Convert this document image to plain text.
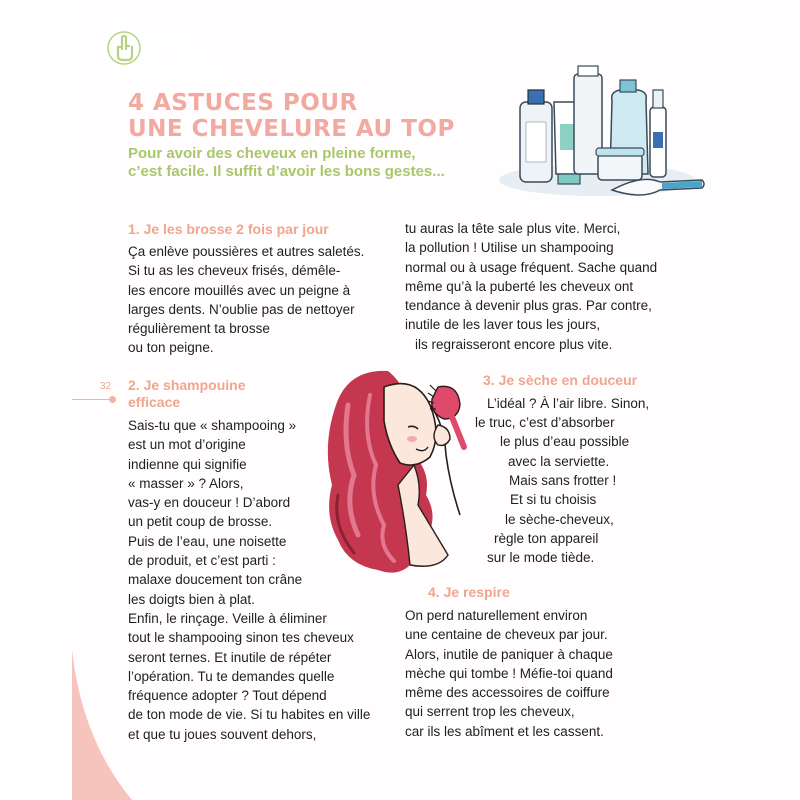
Bon
à savoir
4 ASTUCES POUR
UNE CHEVELURE AU TOP

Pour avoir des cheveux en pleine forme,
c’est facile. Il suffit d’avoir les bons gestes...

1. Je les brosse 2 fois par jour

Ça enlève poussières et autres saletés.
Si tu as les cheveux frisés, démêle-
les encore mouillés avec un peigne à
larges dents. N’oublie pas de nettoyer
régulièrement ta brosse
ou ton peigne.

32 2. Je shampouine
efficace

Sais-tu que « shampooing »
est un mot d’origine
indienne qui signifie
« masser » ? Alors,
vas-y en douceur ! D’abord
un petit coup de brosse.
Puis de l’eau, une noisette
de produit, et c’est parti :
malaxe doucement ton crâne
les doigts bien à plat.
Enfin, le rinçage. Veille à éliminer
tout le shampooing sinon tes cheveux
seront ternes. Et inutile de répéter
l’opération. Tu te demandes quelle
fréquence adopter ? Tout dépend
de ton mode de vie. Si tu habites en ville
et que tu joues souvent dehors,

tu auras la tête sale plus vite. Merci,
la pollution ! Utilise un shampooing
normal ou à usage fréquent. Sache quand
même qu’à la puberté les cheveux ont
tendance à devenir plus gras. Par contre,
inutile de les laver tous les jours,
ils regraisseront encore plus vite.

3. Je sèche en douceur
L’idéal ? À l’air libre. Sinon,
le truc, c’est d’absorber
le plus d’eau possible
avec la serviette.
Mais sans frotter !
Et si tu choisis
le sèche-cheveux,
règle ton appareil
sur le mode tiède.
4. Je respire

On perd naturellement environ
une centaine de cheveux par jour.
Alors, inutile de paniquer à chaque
mèche qui tombe ! Méfie-toi quand
même des accessoires de coiffure
qui serrent trop les cheveux,
car ils les abîment et les cassent.
